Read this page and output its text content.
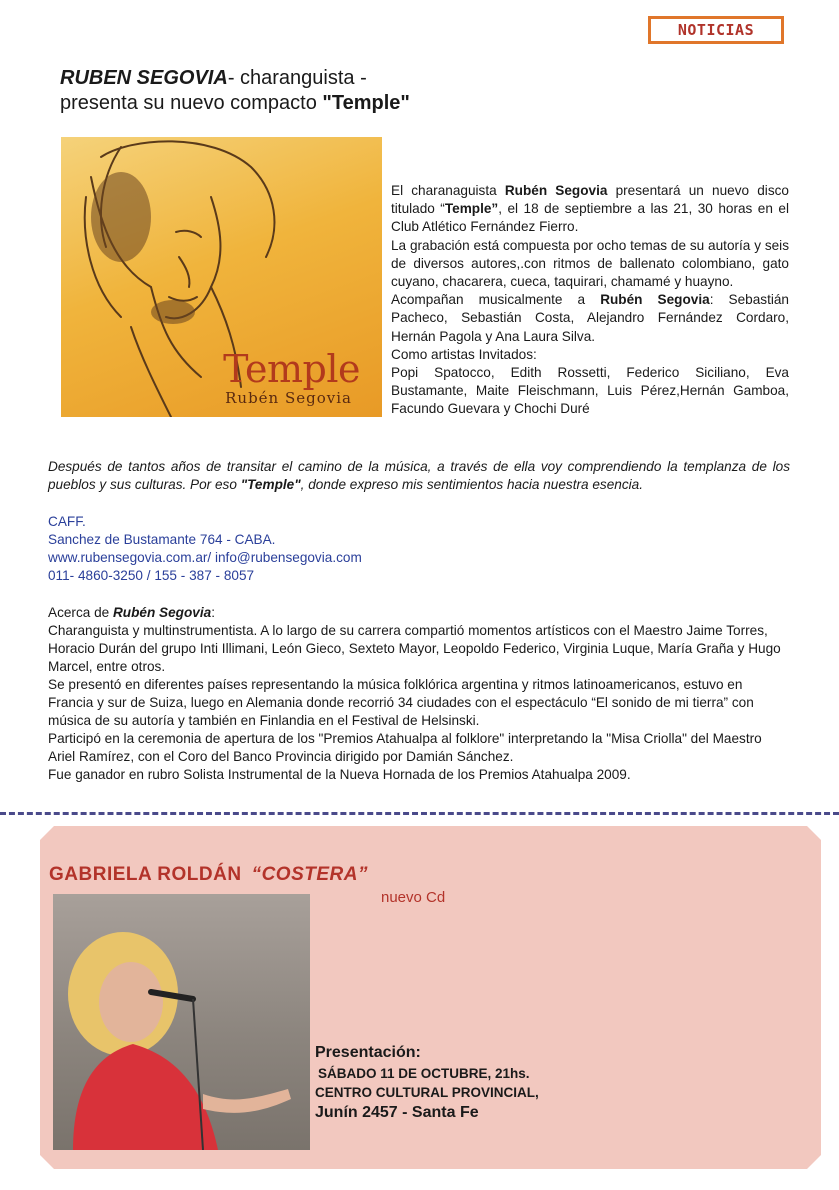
NOTICIAS
RUBEN SEGOVIA- charanguista -
presenta su nuevo compacto "Temple"
Temple
Rubén Segovia

El charanaguista Rubén Segovia presentará un nuevo disco titulado “Temple”, el 18 de septiembre a las 21, 30 horas en el Club Atlético Fernández Fierro.

La grabación está compuesta por ocho temas de su autoría y seis de diversos autores,.con ritmos de ballenato colombiano, gato cuyano, chacarera, cueca, taquirari, chamamé y huayno.

Acompañan musicalmente a Rubén Segovia: Sebastián Pacheco, Sebastián Costa, Alejandro Fernández Cordaro, Hernán Pagola y Ana Laura Silva.

Como artistas Invitados:

Popi Spatocco, Edith Rossetti, Federico Siciliano, Eva Bustamante, Maite Fleischmann, Luis Pérez,Hernán Gamboa, Facundo Guevara y Chochi Duré

Después de tantos años de transitar el camino de la música, a través de ella voy comprendiendo la templanza de los pueblos y sus culturas. Por eso "Temple", donde expreso mis sentimientos hacia nuestra esencia.
CAFF.
Sanchez de Bustamante 764 - CABA.
www.rubensegovia.com.ar/ info@rubensegovia.com
011- 4860-3250 / 155 - 387 - 8057

Acerca de Rubén Segovia:

Charanguista y multinstrumentista. A lo largo de su carrera compartió momentos artísticos con el Maestro Jaime Torres, Horacio Durán del grupo Inti Illimani, León Gieco, Sexteto Mayor, Leopoldo Federico, Virginia Luque, María Graña y Hugo Marcel, entre otros.

Se presentó en diferentes países representando la música folklórica argentina y ritmos latinoamericanos, estuvo en Francia y sur de Suiza, luego en Alemania donde recorrió 34 ciudades con el espectáculo “El sonido de mi tierra” con música de su autoría y también en Finlandia en el Festival de Helsinski.

Participó en la ceremonia de apertura de los "Premios Atahualpa al folklore" interpretando la "Misa Criolla" del Maestro Ariel Ramírez, con el Coro del Banco Provincia dirigido por Damián Sánchez.

Fue ganador en rubro Solista Instrumental de la Nueva Hornada de los Premios Atahualpa 2009.

GABRIELA ROLDÁN “COSTERA”
nuevo Cd
Presentación:
SÁBADO 11 DE OCTUBRE, 21hs.
CENTRO CULTURAL PROVINCIAL,
Junín 2457 - Santa Fe
